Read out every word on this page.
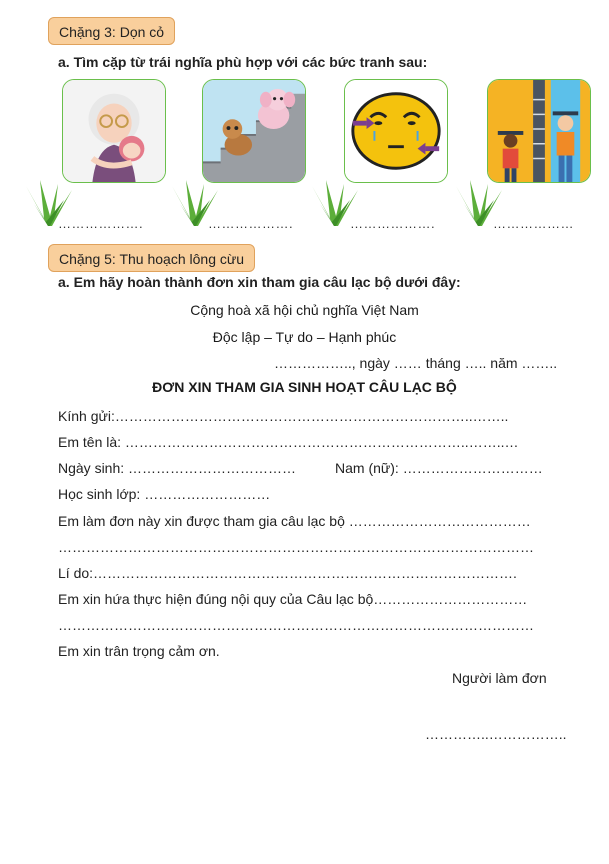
Chặng 3: Dọn cỏ
a. Tìm cặp từ trái nghĩa phù hợp với các bức tranh sau:
……………….	……………….	……………….	………………
Chặng 5: Thu hoạch lông cừu
a. Em hãy hoàn thành đơn xin tham gia câu lạc bộ dưới đây:
Cộng hoà xã hội chủ nghĩa Việt Nam
Độc lập – Tự do – Hạnh phúc
…………….., ngày …… tháng ….. năm ……..
ĐƠN XIN THAM GIA SINH HOẠT CÂU LẠC BỘ
Kính gửi:…………………………………………………………………..……..
Em tên là: ………………………………………………………………..……..…
Ngày sinh: ………………………………	Nam (nữ): …………………………
Học sinh lớp: ………………………
Em làm đơn này xin được tham gia câu lạc bộ …………………………………
…………………………………………………………………………………………
Lí do:……………………………………………………………………………….
Em xin hứa thực hiện đúng nội quy của Câu lạc bộ……………………………
…………………………………………………………………………………………
Em xin trân trọng cảm ơn.
Người làm đơn
…………..……………..
